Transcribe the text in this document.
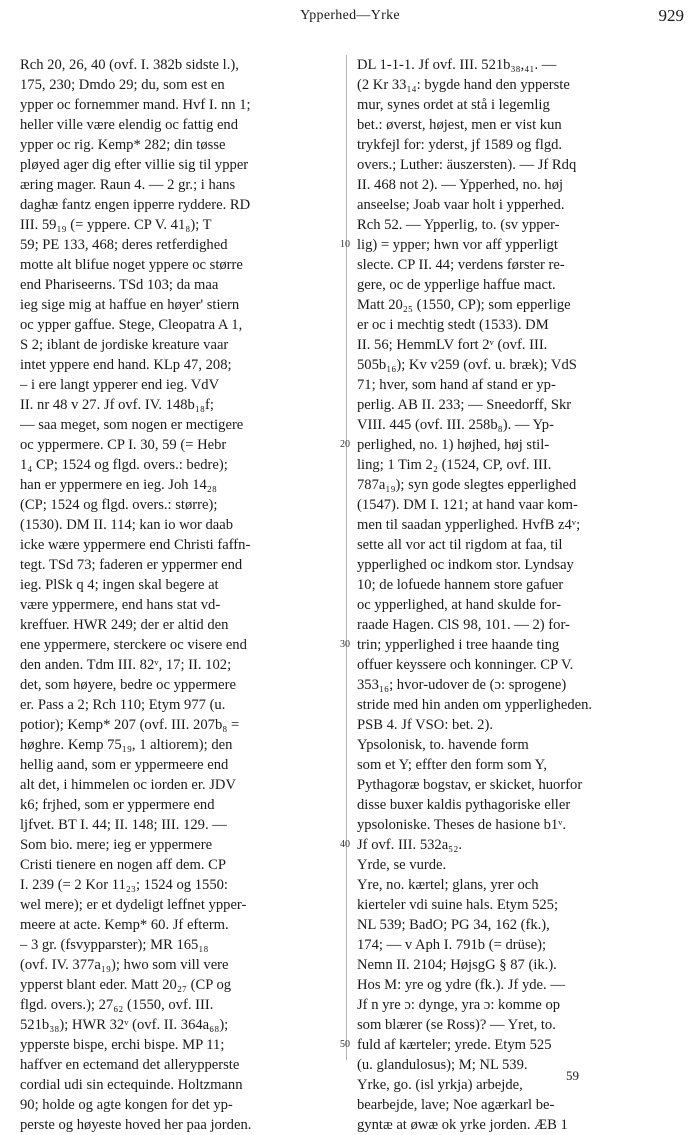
Ypperhed—Yrke	929
Rch 20, 26, 40 (ovf. I. 382b sidste l.),
175, 230; Dmdo 29; du, som est en
ypper oc fornemmer mand. Hvf I. nn 1;
heller ville være elendig oc fattig end
ypper oc rig. Kemp* 282; din tøsse
pløyed ager dig efter villie sig til ypper
æring mager. Raun 4. — 2 gr.; i hans
daghæ fantz engen ipperre ryddere. RD
III. 59₁₉ (= yppere. CP V. 41₈); T
59; PE 133, 468; deres retferdighed
motte alt blifue noget yppere oc større
end Phariseerns. TSd 103; da maa
ieg sige mig at haffue en høyer' stiern
oc ypper gaffue. Stege, Cleopatra A 1,
S 2; iblant de jordiske kreature vaar
intet yppere end hand. KLp 47, 208;
– i ere langt ypperer end ieg. VdV
II. nr 48 v 27. Jf ovf. IV. 148b₁₈f;
— saa meget, som nogen er mectigere
oc yppermere. CP I. 30, 59 (= Hebr
1₄ CP; 1524 og flgd. overs.: bedre);
han er yppermere en ieg. Joh 14₂₈
(CP; 1524 og flgd. overs.: større);
(1530). DM II. 114; kan io wor daab
icke wære yppermere end Christi faffn-
tegt. TSd 73; faderen er yppermer end
ieg. PlSk q 4; ingen skal begere at
være yppermere, end hans stat vd-
kreffuer. HWR 249; der er altid den
ene yppermere, sterckere oc visere end
den anden. Tdm III. 82ᵛ, 17; II. 102;
det, som høyere, bedre oc yppermere
er. Pass a 2; Rch 110; Etym 977 (u.
potior); Kemp* 207 (ovf. III. 207b₈ =
høghre. Kemp 75₁₉, 1 altiorem); den
hellig aand, som er yppermeere end
alt det, i himmelen oc iorden er. JDV
k6; frjhed, som er yppermere end
ljfvet. BT I. 44; II. 148; III. 129. —
Som bio. mere; ieg er yppermere
Cristi tienere en nogen aff dem. CP
I. 239 (= 2 Kor 11₂₃; 1524 og 1550:
wel mere); er et dydeligt leffnet ypper-
meere at acte. Kemp* 60. Jf efterm.
– 3 gr. (fsvypparster); MR 165₁₈
(ovf. IV. 377a₁₉); hwo som vill vere
ypperst blant eder. Matt 20₂₇ (CP og
flgd. overs.); 27₆₂ (1550, ovf. III.
521b₃₈); HWR 32ᵛ (ovf. II. 364a₆₈);
ypperste bispe, erchi bispe. MP 11;
haffver en ectemand det allerypperste
cordial udi sin ectequinde. Holtzmann
90; holde og agte kongen for det yp-
perste og høyeste hoved her paa jorden.
10
20
30
40
50
DL 1-1-1. Jf ovf. III. 521b₃₈,₄₁. —
(2 Kr 33₁₄: bygde hand den ypperste
mur, synes ordet at stå i legemlig
bet.: øverst, højest, men er vist kun
trykfejl for: yderst, jf 1589 og flgd.
overs.; Luther: äuszersten). — Jf Rdq
II. 468 not 2). — Ypperhed, no. høj
anseelse; Joab vaar holt i ypperhed.
Rch 52. — Ypperlig, to. (sv ypper-
lig) = ypper; hwn vor aff ypperligt
slecte. CP II. 44; verdens førster re-
gere, oc de ypperlige haffue mact.
Matt 20₂₅ (1550, CP); som epperlige
er oc i mechtig stedt (1533). DM
II. 56; HemmLV fort 2ᵛ (ovf. III.
505b₁₆); Kv v259 (ovf. u. bræk); VdS
71; hver, som hand af stand er yp-
perlig. AB II. 233; — Sneedorff, Skr
VIII. 445 (ovf. III. 258b₈). — Yp-
perlighed, no. 1) højhed, høj stil-
ling; 1 Tim 2₂ (1524, CP, ovf. III.
787a₁₉); syn gode slegtes epperlighed
(1547). DM I. 121; at hand vaar kom-
men til saadan ypperlighed. HvfB z4ᵛ;
sette all vor act til rigdom at faa, til
ypperlighed oc indkom stor. Lyndsay
10; de lofuede hannem store gafuer
oc ypperlighed, at hand skulde for-
raade Hagen. ClS 98, 101. — 2) for-
trin; ypperlighed i tree haande ting
offuer keyssere och konninger. CP V.
353₁₆; hvor-udover de (ɔ: sprogene)
stride med hin anden om ypperligheden.
PSB 4. Jf VSO: bet. 2).
Ypsolonisk, to. havende form
som et Y; effter den form som Y,
Pythagoræ bogstav, er skicket, huorfor
disse buxer kaldis pythagoriske eller
ypsoloniske. Theses de hasione b1ᵛ.
Jf ovf. III. 532a₅₂.
Yrde, se vurde.
Yre, no. kærtel; glans, yrer och
kierteler vdi suine hals. Etym 525;
NL 539; BadO; PG 34, 162 (fk.),
174; — v Aph I. 791b (= drüse);
Nemn II. 2104; HøjsgG § 87 (ik.).
Hos M: yre og ydre (fk.). Jf yde. —
Jf n yre ɔ: dynge, yra ɔ: komme op
som blærer (se Ross)? — Yret, to.
fuld af kærteler; yrede. Etym 525
(u. glandulosus); M; NL 539.
Yrke, go. (isl yrkja) arbejde,
bearbejde, lave; Noe agærkarl be-
gyntæ at øwæ ok yrke jorden. ÆB 1
59
